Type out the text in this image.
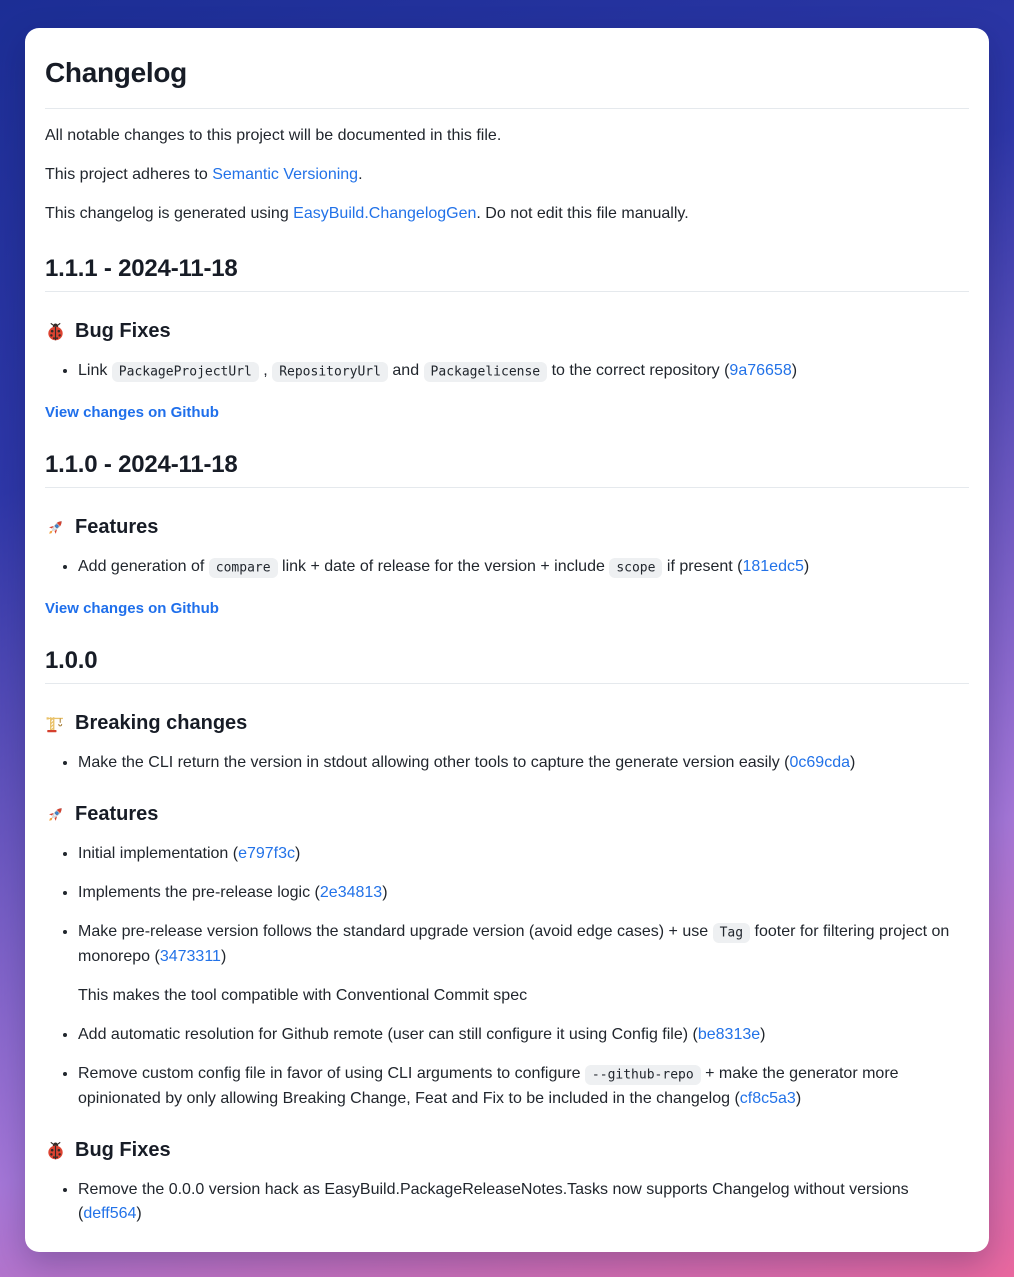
Changelog

All notable changes to this project will be documented in this file.

This project adheres to Semantic Versioning.

This changelog is generated using EasyBuild.ChangelogGen. Do not edit this file manually.

1.1.1 - 2024-11-18
Bug Fixes
• Link PackageProjectUrl , RepositoryUrl and Packagelicense to the correct repository (9a76658)
View changes on Github
1.1.0 - 2024-11-18
Features
• Add generation of compare link + date of release for the version + include scope if present (181edc5)
View changes on Github
1.0.0
Breaking changes
• Make the CLI return the version in stdout allowing other tools to capture the generate version easily (0c69cda)
Features
• Initial implementation (e797f3c)
• Implements the pre-release logic (2e34813)
• Make pre-release version follows the standard upgrade version (avoid edge cases) + use Tag footer for filtering project on monorepo (3473311)

This makes the tool compatible with Conventional Commit spec

• Add automatic resolution for Github remote (user can still configure it using Config file) (be8313e)
• Remove custom config file in favor of using CLI arguments to configure --github-repo + make the generator more opinionated by only allowing Breaking Change, Feat and Fix to be included in the changelog (cf8c5a3)
Bug Fixes
• Remove the 0.0.0 version hack as EasyBuild.PackageReleaseNotes.Tasks now supports Changelog without versions (deff564)
